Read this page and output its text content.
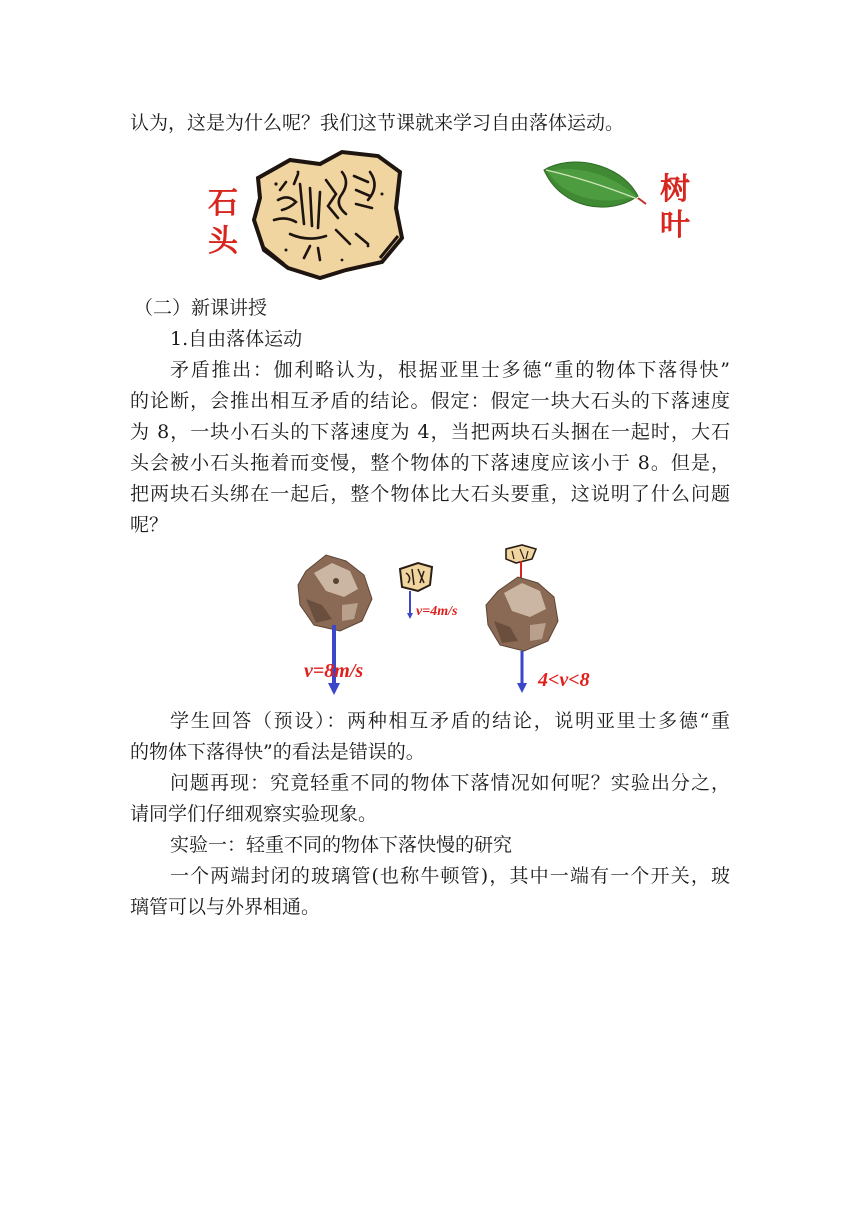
认为，这是为什么呢？我们这节课就来学习自由落体运动。
石
头
树
叶
（二）新课讲授
1.自由落体运动
矛盾推出：伽利略认为，根据亚里士多德“重的物体下落得快”
的论断，会推出相互矛盾的结论。假定：假定一块大石头的下落速度
为 8，一块小石头的下落速度为 4，当把两块石头捆在一起时，大石
头会被小石头拖着而变慢，整个物体的下落速度应该小于 8。但是，
把两块石头绑在一起后，整个物体比大石头要重，这说明了什么问题
呢？
v=8m/s
v=4m/s
4<v<8
学生回答（预设）：两种相互矛盾的结论，说明亚里士多德“重
的物体下落得快”的看法是错误的。
问题再现：究竟轻重不同的物体下落情况如何呢？实验出分之，
请同学们仔细观察实验现象。
实验一：轻重不同的物体下落快慢的研究
一个两端封闭的玻璃管(也称牛顿管)，其中一端有一个开关，玻
璃管可以与外界相通。
